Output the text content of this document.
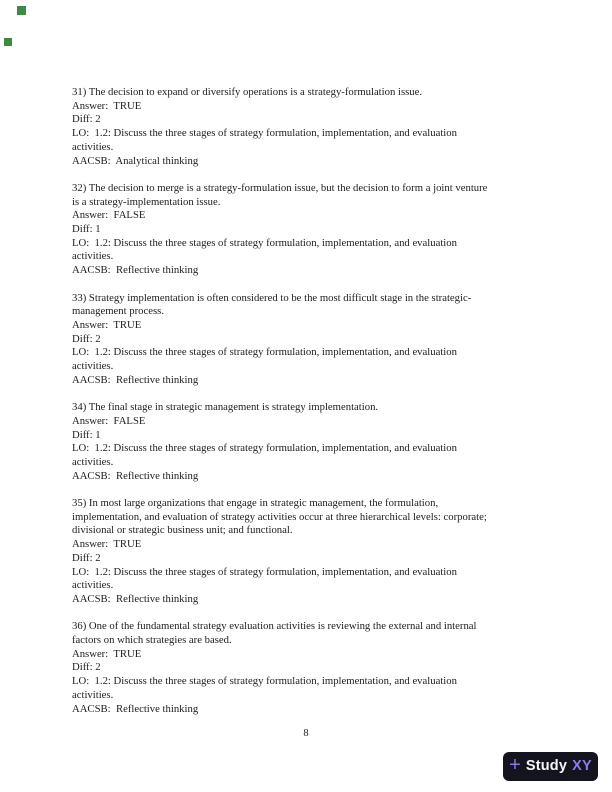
31) The decision to expand or diversify operations is a strategy-formulation issue.
Answer:  TRUE
Diff: 2
LO:  1.2: Discuss the three stages of strategy formulation, implementation, and evaluation
activities.
AACSB:  Analytical thinking
32) The decision to merge is a strategy-formulation issue, but the decision to form a joint venture
is a strategy-implementation issue.
Answer:  FALSE
Diff: 1
LO:  1.2: Discuss the three stages of strategy formulation, implementation, and evaluation
activities.
AACSB:  Reflective thinking
33) Strategy implementation is often considered to be the most difficult stage in the strategic-
management process.
Answer:  TRUE
Diff: 2
LO:  1.2: Discuss the three stages of strategy formulation, implementation, and evaluation
activities.
AACSB:  Reflective thinking
34) The final stage in strategic management is strategy implementation.
Answer:  FALSE
Diff: 1
LO:  1.2: Discuss the three stages of strategy formulation, implementation, and evaluation
activities.
AACSB:  Reflective thinking
35) In most large organizations that engage in strategic management, the formulation,
implementation, and evaluation of strategy activities occur at three hierarchical levels: corporate;
divisional or strategic business unit; and functional.
Answer:  TRUE
Diff: 2
LO:  1.2: Discuss the three stages of strategy formulation, implementation, and evaluation
activities.
AACSB:  Reflective thinking
36) One of the fundamental strategy evaluation activities is reviewing the external and internal
factors on which strategies are based.
Answer:  TRUE
Diff: 2
LO:  1.2: Discuss the three stages of strategy formulation, implementation, and evaluation
activities.
AACSB:  Reflective thinking
8
+ Study XY
